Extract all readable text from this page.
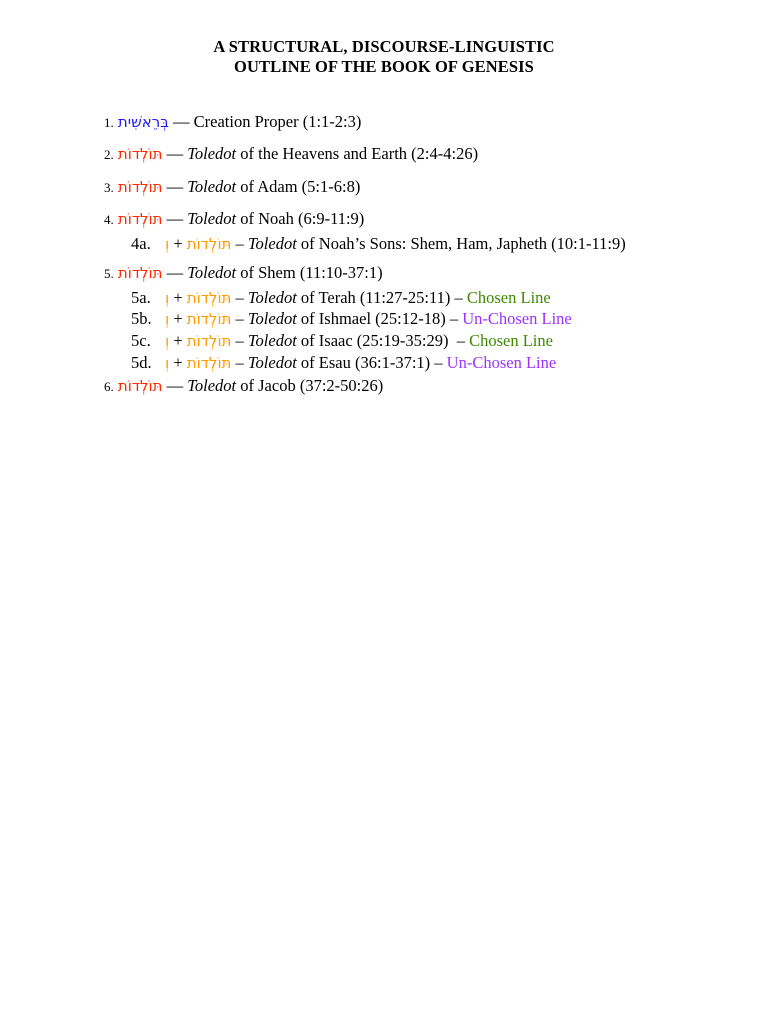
A STRUCTURAL, DISCOURSE-LINGUISTIC
OUTLINE OF THE BOOK OF GENESIS
1. בְּרֵאשִׁית — Creation Proper (1:1-2:3)
2. תּוֹלְדוֹת — Toledot of the Heavens and Earth (2:4-4:26)
3. תּוֹלְדוֹת — Toledot of Adam (5:1-6:8)
4. תּוֹלְדוֹת — Toledot of Noah (6:9-11:9)
4a. וְ + תּוֹלְדוֹת – Toledot of Noah’s Sons: Shem, Ham, Japheth (10:1-11:9)
5. תּוֹלְדוֹת — Toledot of Shem (11:10-37:1)
5a. וְ + תּוֹלְדוֹת – Toledot of Terah (11:27-25:11) – Chosen Line
5b. וְ + תּוֹלְדוֹת – Toledot of Ishmael (25:12-18) – Un-Chosen Line
5c. וְ + תּוֹלְדוֹת – Toledot of Isaac (25:19-35:29)  – Chosen Line
5d. וְ + תּוֹלְדוֹת – Toledot of Esau (36:1-37:1) – Un-Chosen Line
6. תּוֹלְדוֹת — Toledot of Jacob (37:2-50:26)
